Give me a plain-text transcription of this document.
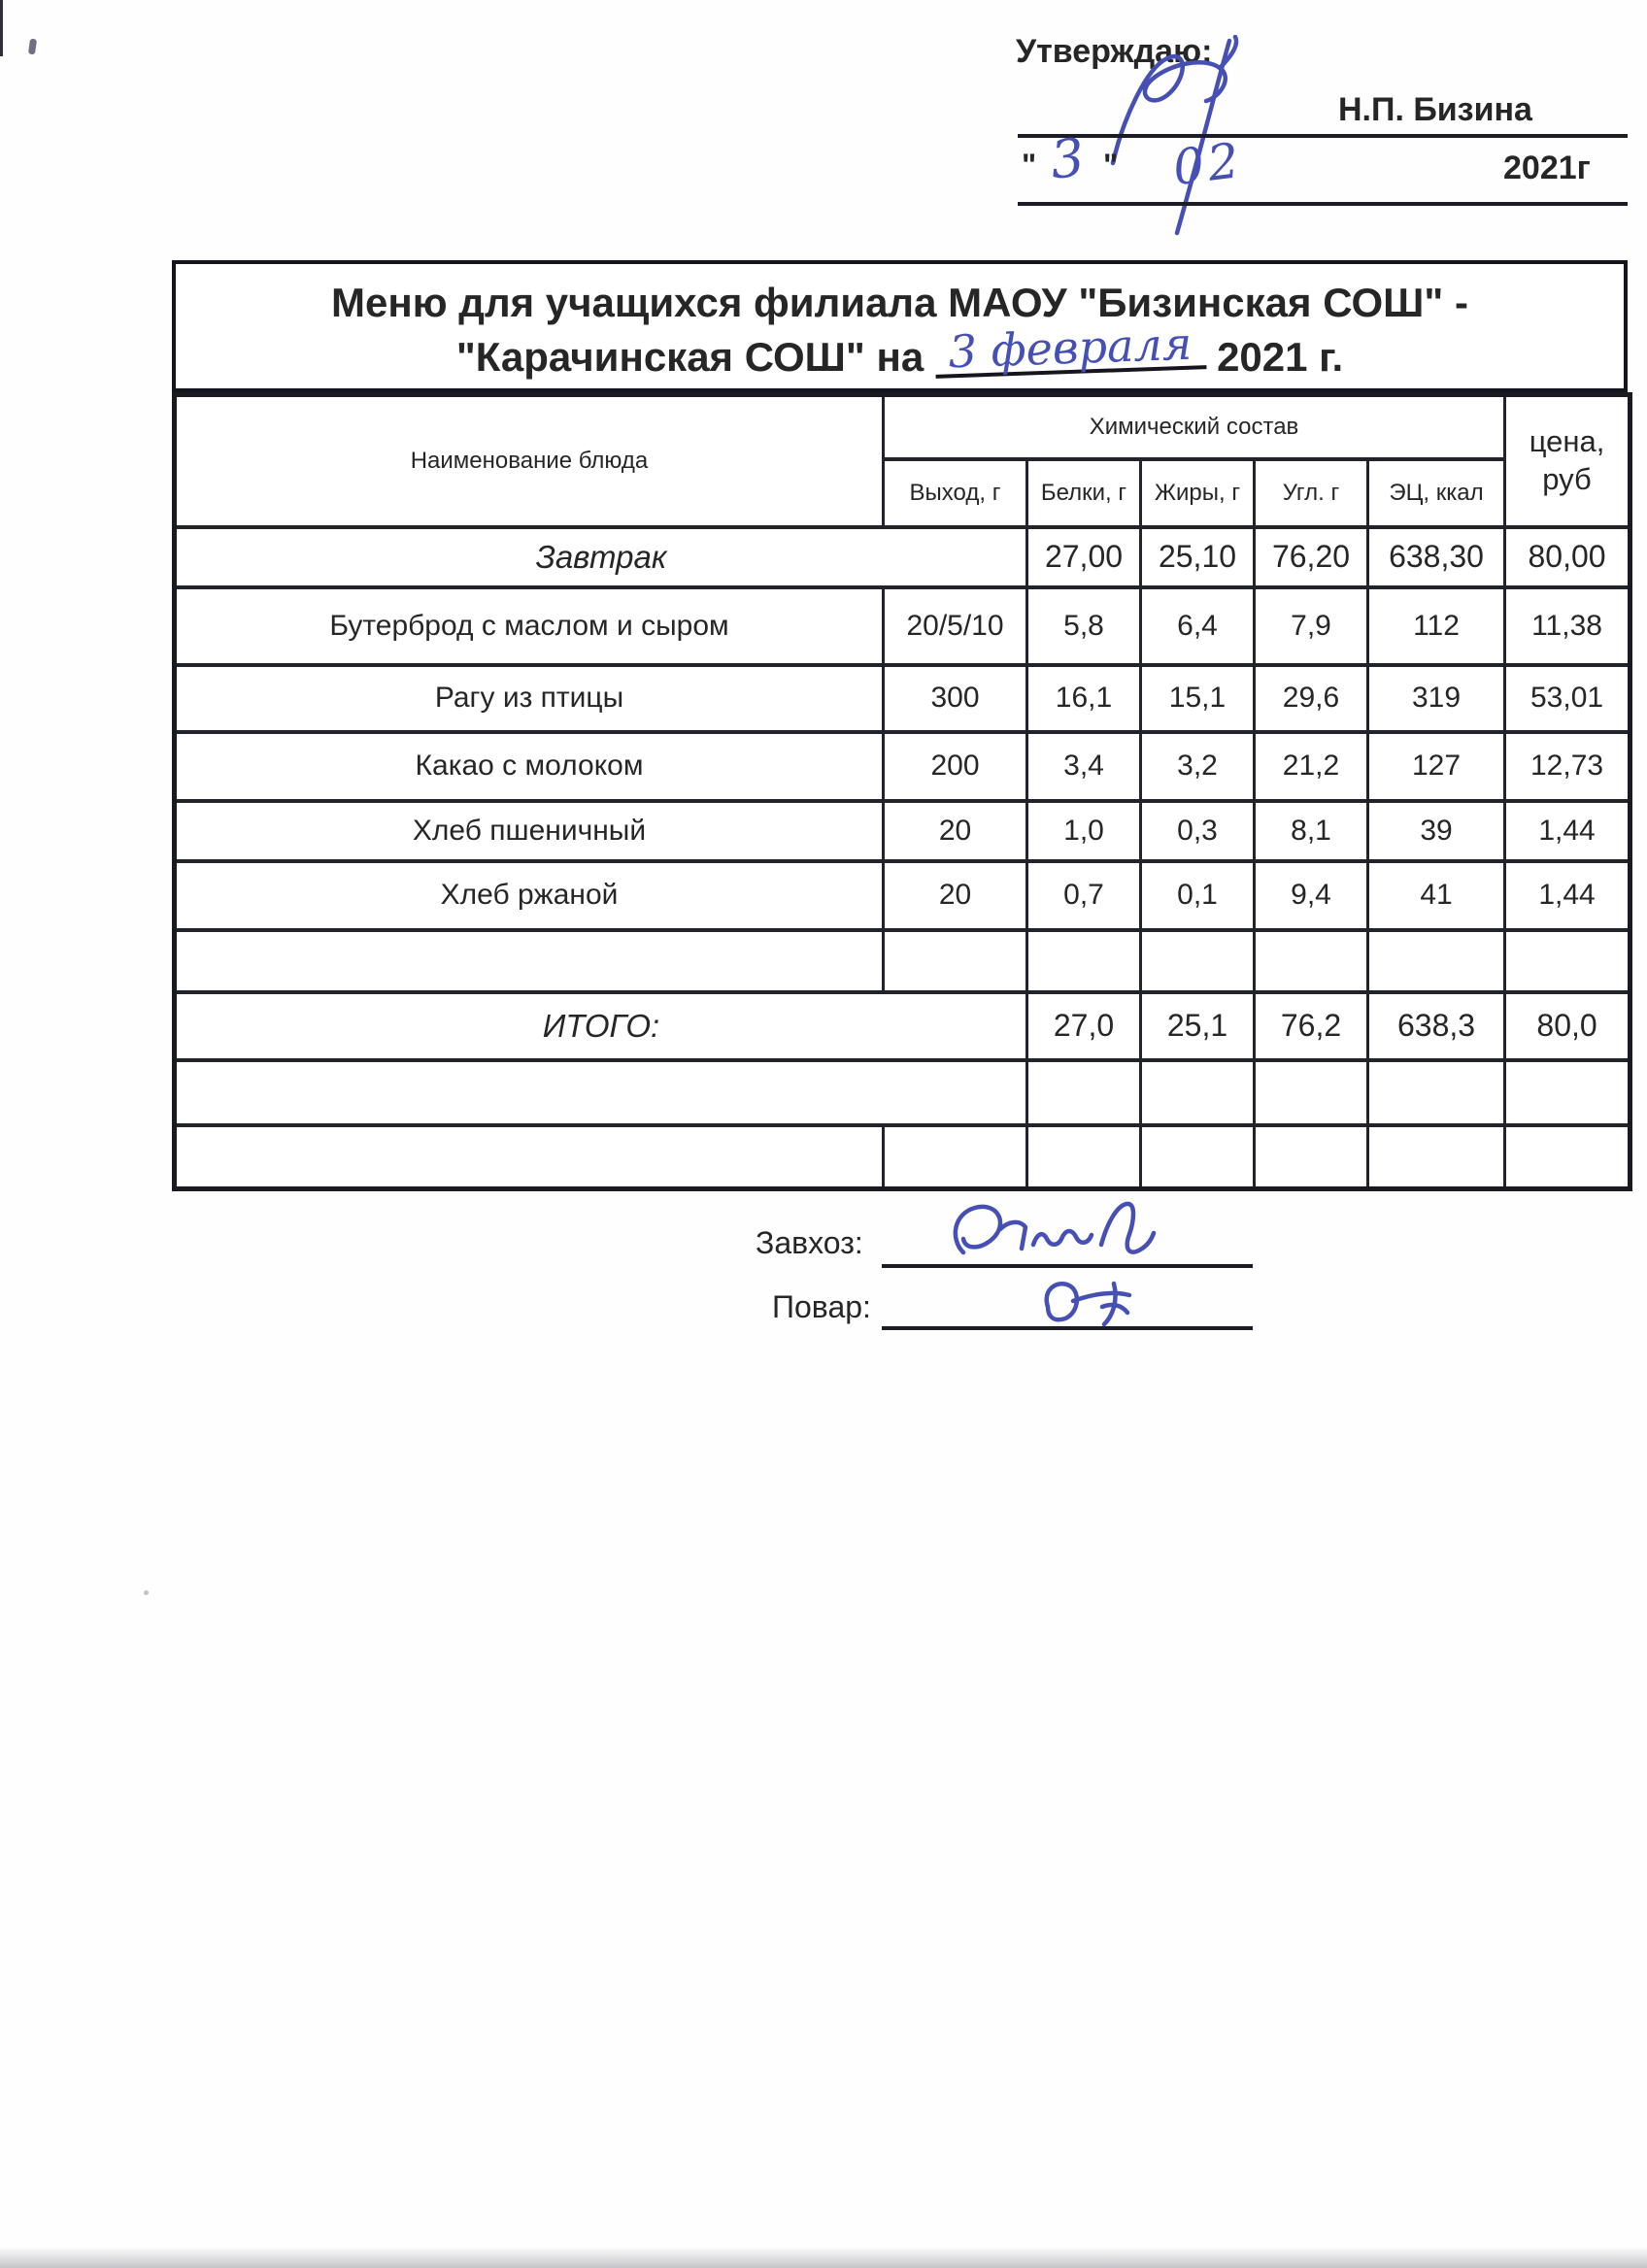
Утверждаю:
Н.П. Бизина
" 3 " 02	2021г
Меню для учащихся филиала МАОУ "Бизинская СОШ" -
"Карачинская СОШ" на 3 февраля 2021 г.
Наименование блюда	Химический состав					цена,
руб

	Выход, г	Белки, г	Жиры, г	Угл. г	ЭЦ, ккал	
Завтрак		27,00	25,10	76,20	638,30	80,00
Бутерброд с маслом и сыром	20/5/10	5,8	6,4	7,9	112	11,38
Рагу из птицы	300	16,1	15,1	29,6	319	53,01
Какао с молоком	200	3,4	3,2	21,2	127	12,73
Хлеб пшеничный	20	1,0	0,3	8,1	39	1,44
Хлеб ржаной	20	0,7	0,1	9,4	41	1,44

ИТОГО:		27,0	25,1	76,2	638,3	80,0

Завхоз:
Повар:
